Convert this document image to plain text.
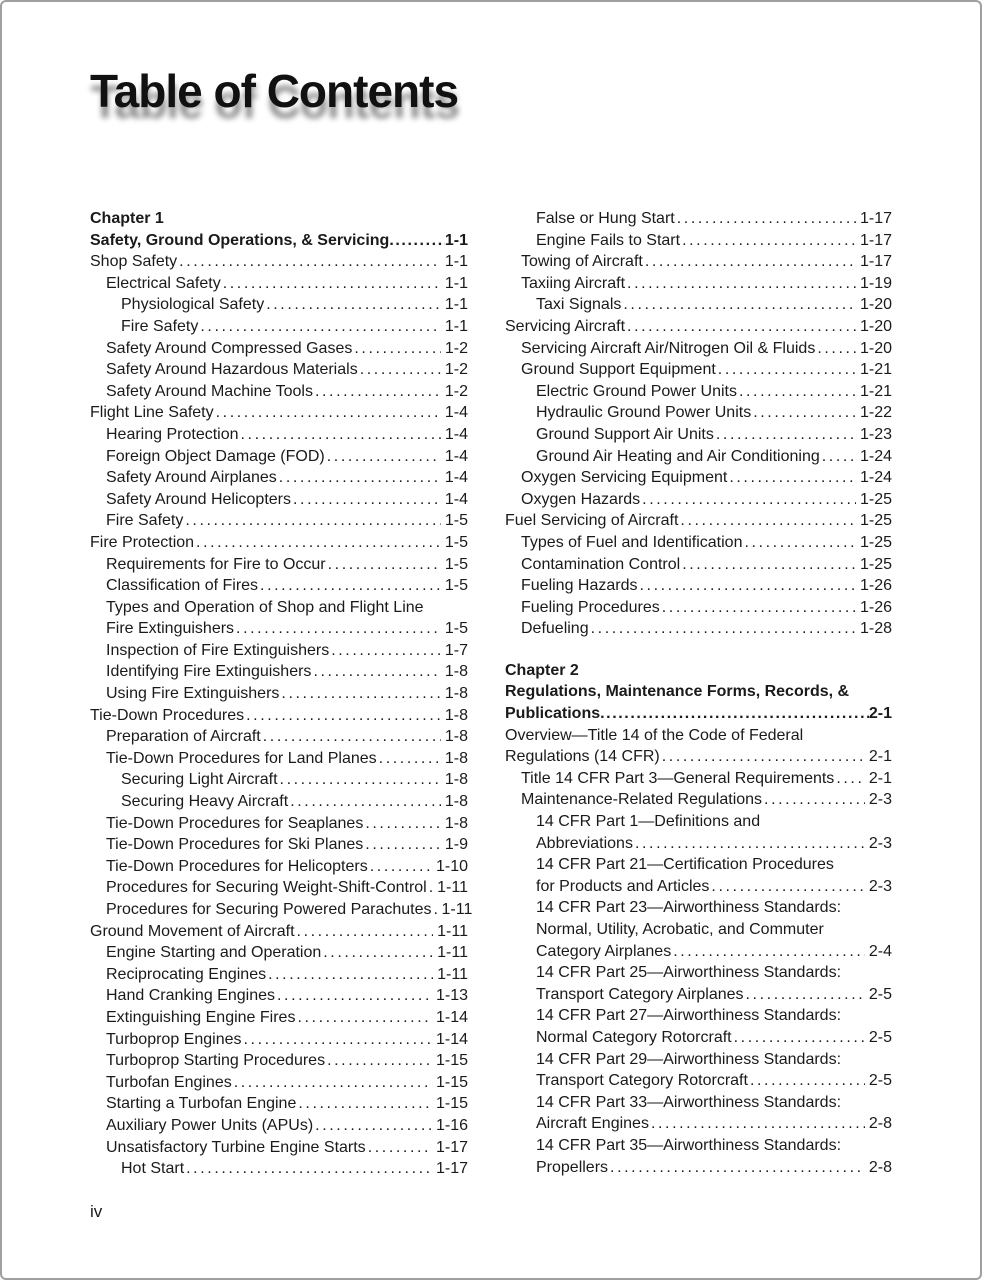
Table of Contents
Chapter 1
Safety, Ground Operations, & Servicing .....	1-1
Shop Safety .....	1-1
Electrical Safety .....	1-1
Physiological Safety .....	1-1
Fire Safety .....	1-1
Safety Around Compressed Gases .....	1-2
Safety Around Hazardous Materials .....	1-2
Safety Around Machine Tools .....	1-2
Flight Line Safety .....	1-4
Hearing Protection .....	1-4
Foreign Object Damage (FOD) .....	1-4
Safety Around Airplanes .....	1-4
Safety Around Helicopters .....	1-4
Fire Safety .....	1-5
Fire Protection .....	1-5
Requirements for Fire to Occur .....	1-5
Classification of Fires .....	1-5
Types and Operation of Shop and Flight Line
Fire Extinguishers .....	1-5
Inspection of Fire Extinguishers .....	1-7
Identifying Fire Extinguishers .....	1-8
Using Fire Extinguishers .....	1-8
Tie-Down Procedures .....	1-8
Preparation of Aircraft .....	1-8
Tie-Down Procedures for Land Planes .....	1-8
Securing Light Aircraft .....	1-8
Securing Heavy Aircraft .....	1-8
Tie-Down Procedures for Seaplanes .....	1-8
Tie-Down Procedures for Ski Planes .....	1-9
Tie-Down Procedures for Helicopters .....	1-10
Procedures for Securing Weight-Shift-Control ..... 1-11
Procedures for Securing Powered Parachutes ..... 1-11
Ground Movement of Aircraft .....	1-11
Engine Starting and Operation .....	1-11
Reciprocating Engines .....	1-11
Hand Cranking Engines .....	1-13
Extinguishing Engine Fires .....	1-14
Turboprop Engines .....	1-14
Turboprop Starting Procedures .....	1-15
Turbofan Engines .....	1-15
Starting a Turbofan Engine .....	1-15
Auxiliary Power Units (APUs) .....	1-16
Unsatisfactory Turbine Engine Starts .....	1-17
Hot Start .....	1-17
False or Hung Start .....	1-17
Engine Fails to Start .....	1-17
Towing of Aircraft .....	1-17
Taxiing Aircraft .....	1-19
Taxi Signals .....	1-20
Servicing Aircraft .....	1-20
Servicing Aircraft Air/Nitrogen Oil & Fluids .....	1-20
Ground Support Equipment .....	1-21
Electric Ground Power Units .....	1-21
Hydraulic Ground Power Units .....	1-22
Ground Support Air Units .....	1-23
Ground Air Heating and Air Conditioning .....	1-24
Oxygen Servicing Equipment .....	1-24
Oxygen Hazards .....	1-25
Fuel Servicing of Aircraft .....	1-25
Types of Fuel and Identification .....	1-25
Contamination Control .....	1-25
Fueling Hazards .....	1-26
Fueling Procedures .....	1-26
Defueling .....	1-28
Chapter 2
Regulations, Maintenance Forms, Records, &
Publications .....	2-1
Overview—Title 14 of the Code of Federal
Regulations (14 CFR) .....	2-1
Title 14 CFR Part 3—General Requirements ..... 2-1
Maintenance-Related Regulations .....	2-3
14 CFR Part 1—Definitions and
Abbreviations .....	2-3
14 CFR Part 21—Certification Procedures
for Products and Articles .....	2-3
14 CFR Part 23—Airworthiness Standards:
Normal, Utility, Acrobatic, and Commuter
Category Airplanes .....	2-4
14 CFR Part 25—Airworthiness Standards:
Transport Category Airplanes .....	2-5
14 CFR Part 27—Airworthiness Standards:
Normal Category Rotorcraft .....	2-5
14 CFR Part 29—Airworthiness Standards:
Transport Category Rotorcraft .....	2-5
14 CFR Part 33—Airworthiness Standards:
Aircraft Engines .....	2-8
14 CFR Part 35—Airworthiness Standards:
Propellers .....	2-8
iv
